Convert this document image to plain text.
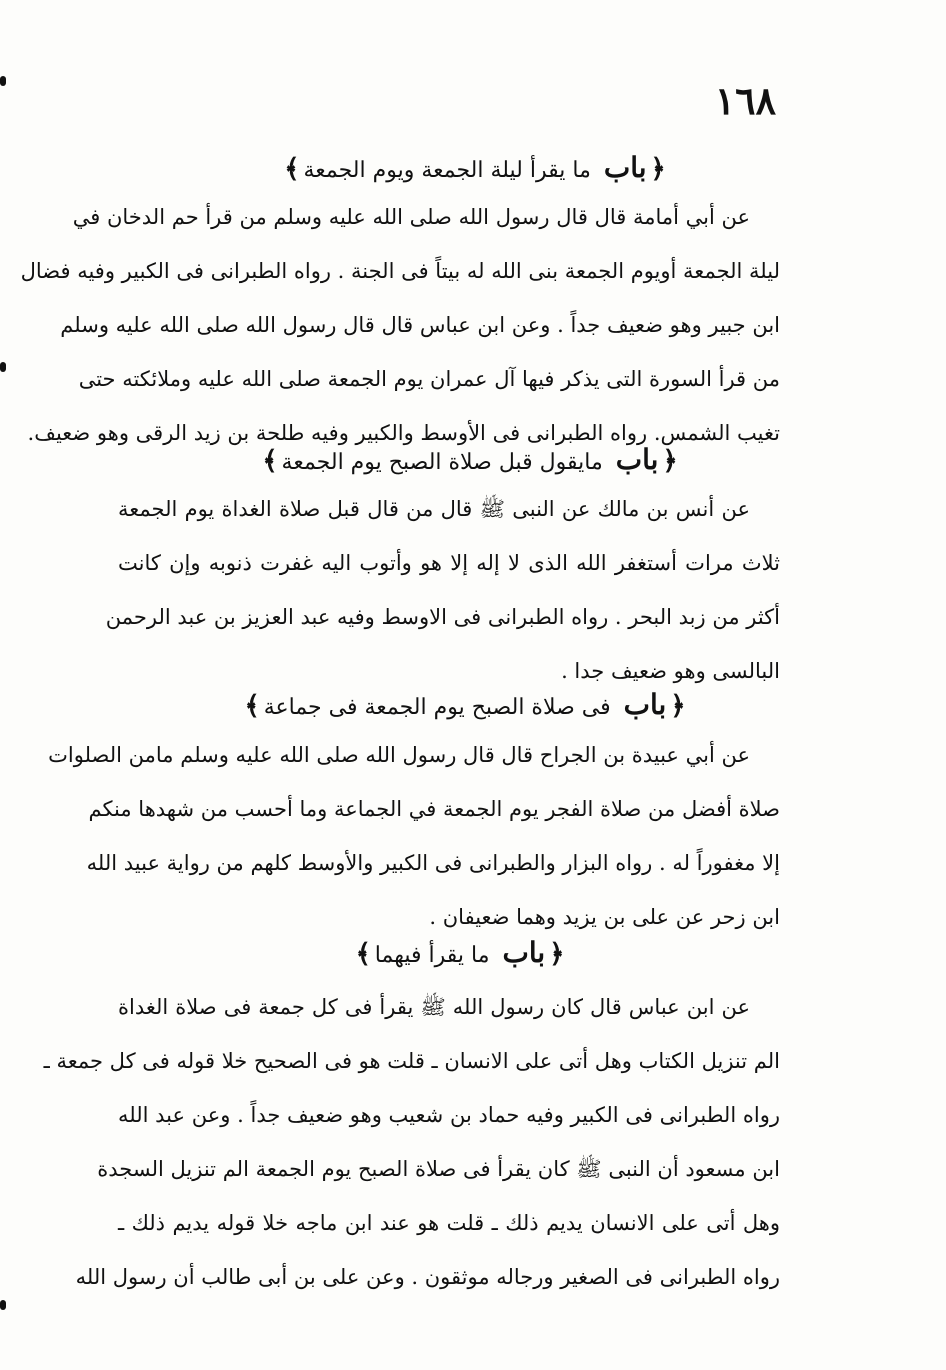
١٦٨
﴿باب ما يقرأ ليلة الجمعة ويوم الجمعة﴾
عن أبي أمامة قال قال رسول الله صلى الله عليه وسلم من قرأ حم الدخان في
ليلة الجمعة أويوم الجمعة بنى الله له بيتاً فى الجنة . رواه الطبرانى فى الكبير وفيه فضال
ابن جبير وهو ضعيف جداً . وعن ابن عباس قال قال رسول الله صلى الله عليه وسلم
من قرأ السورة التى يذكر فيها آل عمران يوم الجمعة صلى الله عليه وملائكته حتى
تغيب الشمس. رواه الطبرانى فى الأوسط والكبير وفيه طلحة بن زيد الرقى وهو ضعيف.
﴿باب مايقول قبل صلاة الصبح يوم الجمعة﴾
عن أنس بن مالك عن النبى ﷺ قال من قال قبل صلاة الغداة يوم الجمعة
ثلاث مرات أستغفر الله الذى لا إله إلا هو وأتوب اليه غفرت ذنوبه وإن كانت
أكثر من زبد البحر . رواه الطبرانى فى الاوسط وفيه عبد العزيز بن عبد الرحمن
البالسى وهو ضعيف جدا .
﴿باب فى صلاة الصبح يوم الجمعة فى جماعة﴾
عن أبي عبيدة بن الجراح قال قال رسول الله صلى الله عليه وسلم مامن الصلوات
صلاة أفضل من صلاة الفجر يوم الجمعة في الجماعة وما أحسب من شهدها منكم
إلا مغفوراً له . رواه البزار والطبرانى فى الكبير والأوسط كلهم من رواية عبيد الله
ابن زحر عن على بن يزيد وهما ضعيفان .
﴿باب ما يقرأ فيهما﴾
عن ابن عباس قال كان رسول الله ﷺ يقرأ فى كل جمعة فى صلاة الغداة
الم تنزيل الكتاب وهل أتى على الانسان ـ قلت هو فى الصحيح خلا قوله فى كل جمعة ـ
رواه الطبرانى فى الكبير وفيه حماد بن شعيب وهو ضعيف جداً . وعن عبد الله
ابن مسعود أن النبى ﷺ كان يقرأ فى صلاة الصبح يوم الجمعة الم تنزيل السجدة
وهل أتى على الانسان يديم ذلك ـ قلت هو عند ابن ماجه خلا قوله يديم ذلك ـ
رواه الطبرانى فى الصغير ورجاله موثقون . وعن على بن أبى طالب أن رسول الله
